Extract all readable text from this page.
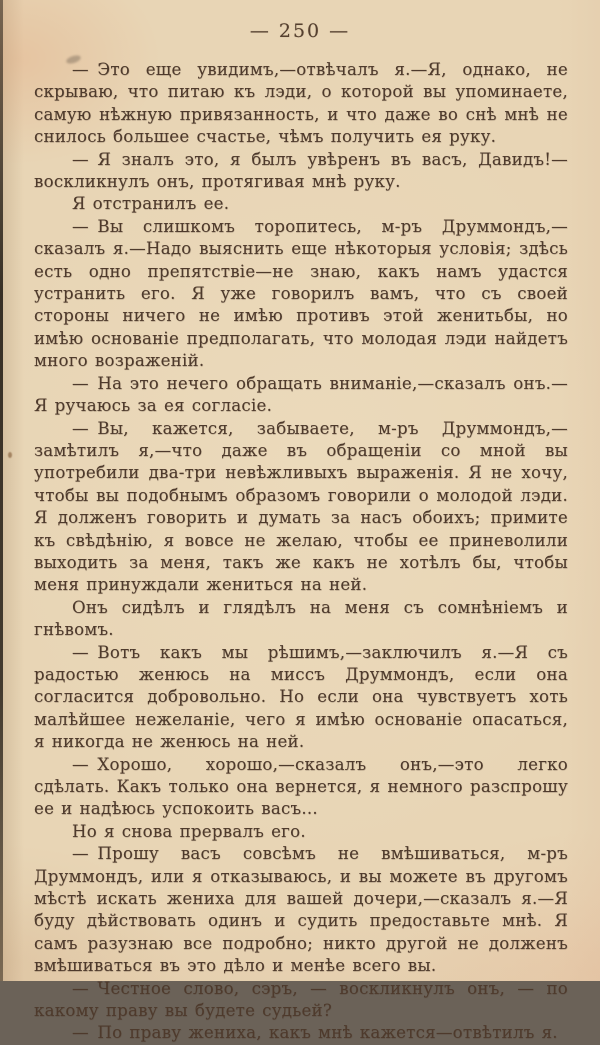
— 250 —

— Это еще увидимъ,—отвѣчалъ я.—Я, однако, не скрываю, что питаю къ лэди, о которой вы упоминаете, самую нѣжную привязанность, и что даже во снѣ мнѣ не снилось большее счастье, чѣмъ получить ея руку.

— Я зналъ это, я былъ увѣренъ въ васъ, Давидъ!—воскликнулъ онъ, протягивая мнѣ руку.

Я отстранилъ ее.

— Вы слишкомъ торопитесь, м-ръ Друммондъ,—сказалъ я.—Надо выяснить еще нѣкоторыя условія; здѣсь есть одно препятствіе—не знаю, какъ намъ удастся устранить его. Я уже говорилъ вамъ, что съ своей стороны ничего не имѣю противъ этой женитьбы, но имѣю основаніе предполагать, что молодая лэди найдетъ много возраженій.

— На это нечего обращать вниманіе,—сказалъ онъ.—Я ручаюсь за ея согласіе.

— Вы, кажется, забываете, м-ръ Друммондъ,—замѣтилъ я,—что даже въ обращеніи со мной вы употребили два-три невѣжливыхъ выраженія. Я не хочу, чтобы вы подобнымъ образомъ говорили о молодой лэди. Я долженъ говорить и думать за насъ обоихъ; примите къ свѣдѣнію, я вовсе не желаю, чтобы ее приневолили выходить за меня, такъ же какъ не хотѣлъ бы, чтобы меня принуждали жениться на ней.

Онъ сидѣлъ и глядѣлъ на меня съ сомнѣніемъ и гнѣвомъ.

— Вотъ какъ мы рѣшимъ,—заключилъ я.—Я съ радостью женюсь на миссъ Друммондъ, если она согласится добровольно. Но если она чувствуетъ хоть малѣйшее нежеланіе, чего я имѣю основаніе опасаться, я никогда не женюсь на ней.

— Хорошо, хорошо,—сказалъ онъ,—это легко сдѣлать. Какъ только она вернется, я немного разспрошу ее и надѣюсь успокоить васъ...

Но я снова прервалъ его.

— Прошу васъ совсѣмъ не вмѣшиваться, м-ръ Друммондъ, или я отказываюсь, и вы можете въ другомъ мѣстѣ искать жениха для вашей дочери,—сказалъ я.—Я буду дѣйствовать одинъ и судить предоставьте мнѣ. Я самъ разузнаю все подробно; никто другой не долженъ вмѣшиваться въ это дѣло и менѣе всего вы.

— Честное слово, сэръ, — воскликнулъ онъ, — по какому праву вы будете судьей?

— По праву жениха, какъ мнѣ кажется—отвѣтилъ я.
